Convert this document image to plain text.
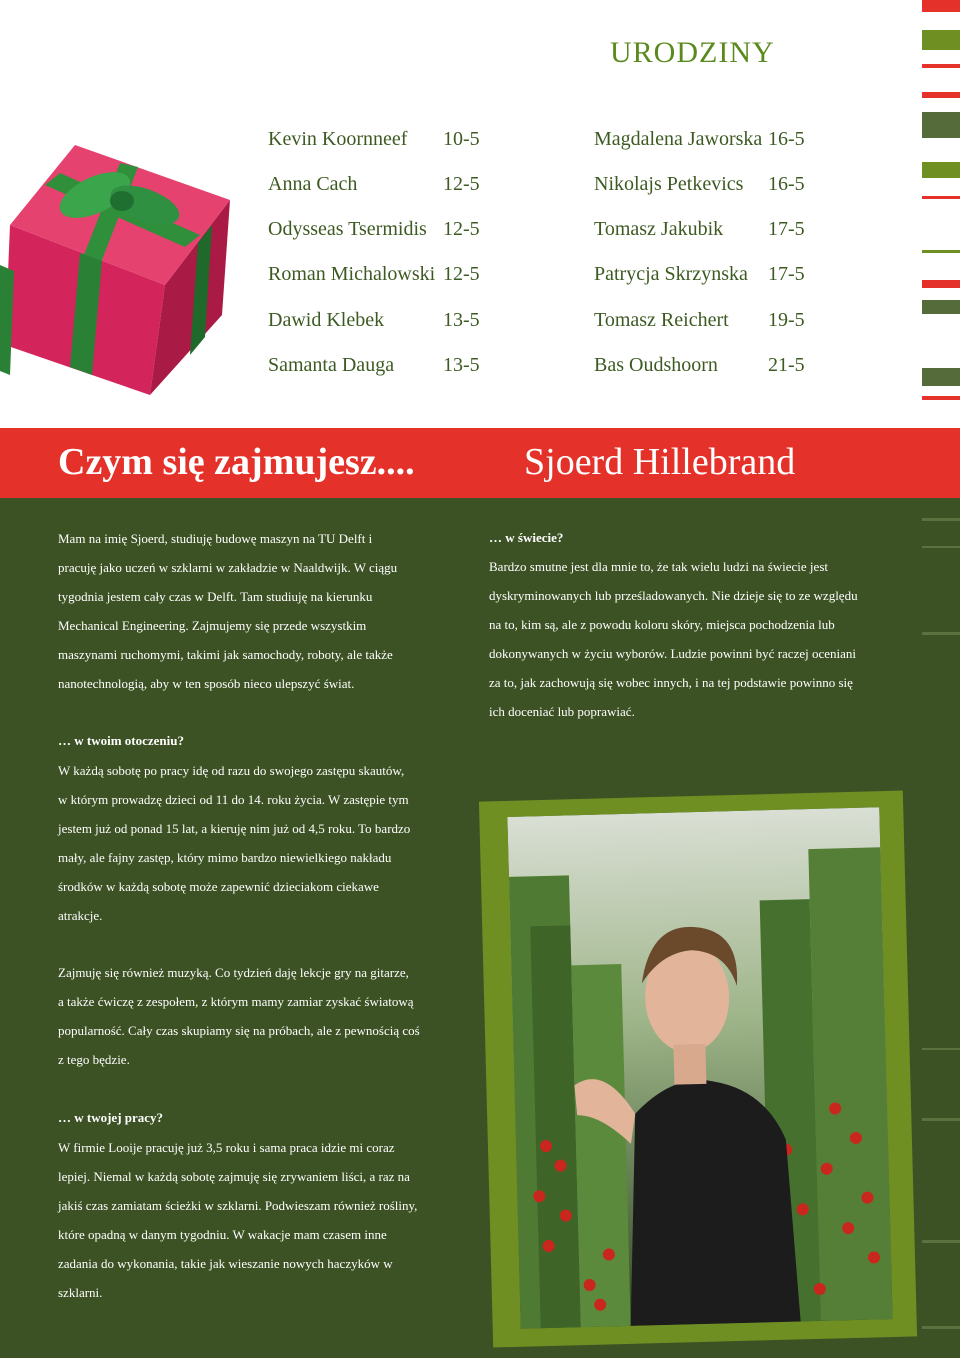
URODZINY
Kevin Koornneef 10-5
Anna Cach	12-5
Odysseas Tsermidis 12-5
Roman Michalowski 12-5
Dawid Klebek	13-5
Samanta Dauga 13-5
Magdalena Jaworska 16-5
Nikolajs Petkevics 16-5
Tomasz Jakubik 17-5
Patrycja Skrzynska 17-5
Tomasz Reichert 19-5
Bas Oudshoorn	21-5
Czym się zajmujesz....	Sjoerd Hillebrand
Mam na imię Sjoerd, studiuję budowę maszyn na TU Delft i
pracuję jako uczeń w szklarni w zakładzie w Naaldwijk. W ciągu
tygodnia jestem cały czas w Delft. Tam studiuję na kierunku
Mechanical Engineering. Zajmujemy się przede wszystkim
maszynami ruchomymi, takimi jak samochody, roboty, ale także
nanotechnologią, aby w ten sposób nieco ulepszyć świat.
… w twoim otoczeniu?
W każdą sobotę po pracy idę od razu do swojego zastępu skautów,
w którym prowadzę dzieci od 11 do 14. roku życia. W zastępie tym
jestem już od ponad 15 lat, a kieruję nim już od 4,5 roku. To bardzo
mały, ale fajny zastęp, który mimo bardzo niewielkiego nakładu
środków w każdą sobotę może zapewnić dzieciakom ciekawe
atrakcje.
Zajmuję się również muzyką. Co tydzień daję lekcje gry na gitarze,
a także ćwiczę z zespołem, z którym mamy zamiar zyskać światową
popularność. Cały czas skupiamy się na próbach, ale z pewnością coś
z tego będzie.
… w twojej pracy?
W firmie Looije pracuję już 3,5 roku i sama praca idzie mi coraz
lepiej. Niemal w każdą sobotę zajmuję się zrywaniem liści, a raz na
jakiś czas zamiatam ścieżki w szklarni. Podwieszam również rośliny,
które opadną w danym tygodniu. W wakacje mam czasem inne
zadania do wykonania, takie jak wieszanie nowych haczyków w
szklarni.
… w świecie?
Bardzo smutne jest dla mnie to, że tak wielu ludzi na świecie jest
dyskryminowanych lub prześladowanych. Nie dzieje się to ze względu
na to, kim są, ale z powodu koloru skóry, miejsca pochodzenia lub
dokonywanych w życiu wyborów. Ludzie powinni być raczej oceniani
za to, jak zachowują się wobec innych, i na tej podstawie powinno się
ich doceniać lub poprawiać.
